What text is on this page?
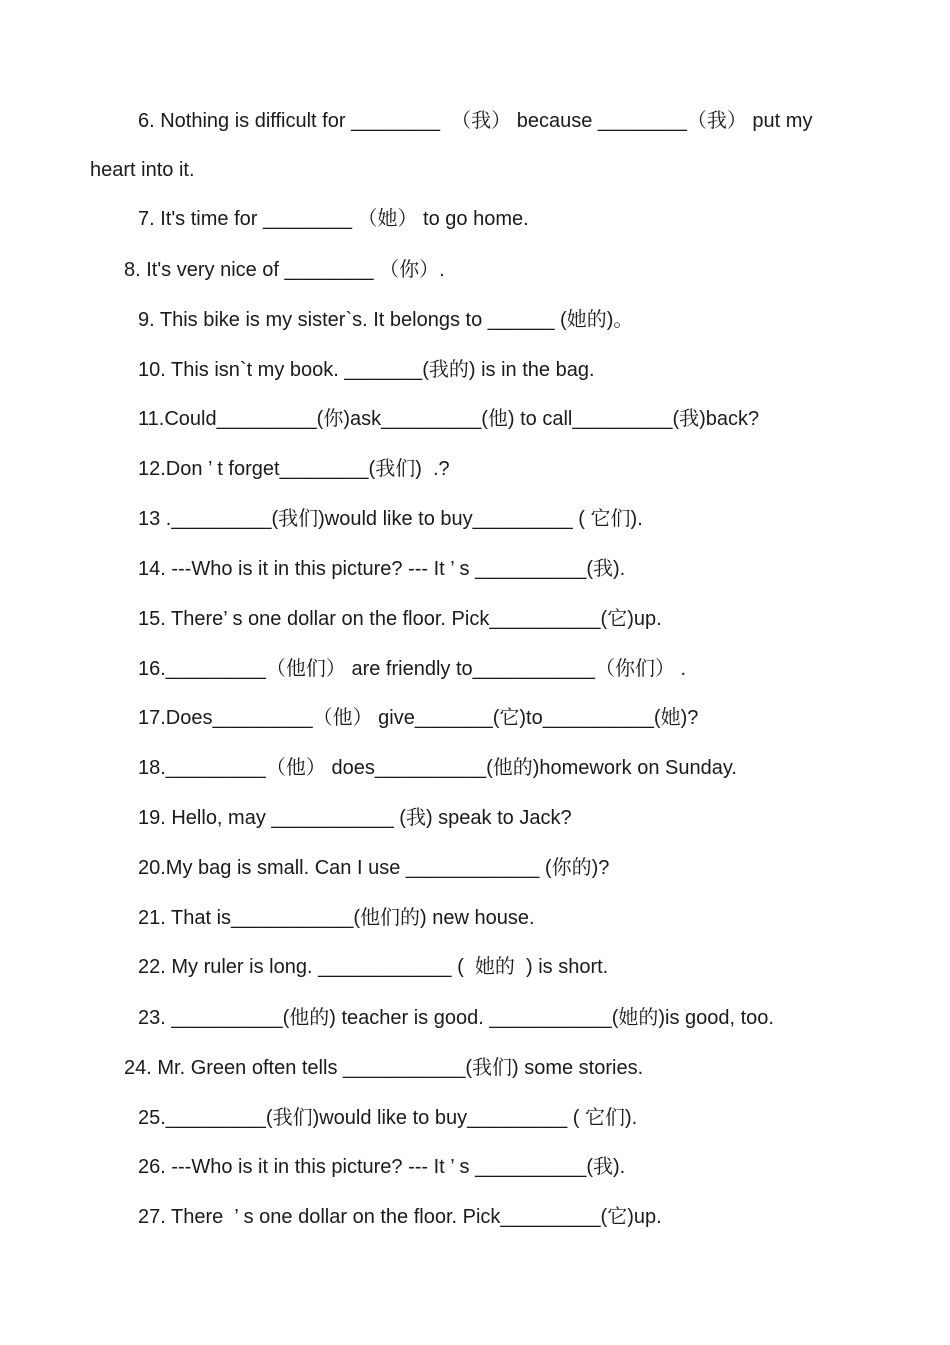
6. Nothing is difficult for ________  （我） because ________（我） put my
heart into it.
7. It's time for ________ （她） to go home.
8. It's very nice of ________ （你）.
9. This bike is my sister`s. It belongs to ______ (她的)。
10. This isn`t my book. _______(我的) is in the bag.
11.Could_________(你)ask_________(他) to call_________(我)back?
12.Don ’ t forget________(我们)  .?
13 ._________(我们)would like to buy_________ ( 它们).
14. ---Who is it in this picture? --- It ’ s __________(我).
15. There’ s one dollar on the floor. Pick__________(它)up.
16._________（他们） are friendly to___________（你们） .
17.Does_________（他） give_______(它)to__________(她)?
18._________（他） does__________(他的)homework on Sunday.
19. Hello, may ___________ (我) speak to Jack?
20.My bag is small. Can I use ____________ (你的)?
21. That is___________(他们的) new house.
22. My ruler is long. ____________ (  她的  ) is short.
23. __________(他的) teacher is good. ___________(她的)is good, too.
24. Mr. Green often tells ___________(我们) some stories.
25._________(我们)would like to buy_________ ( 它们).
26. ---Who is it in this picture? --- It ’ s __________(我).
27. There  ’ s one dollar on the floor. Pick_________(它)up.
